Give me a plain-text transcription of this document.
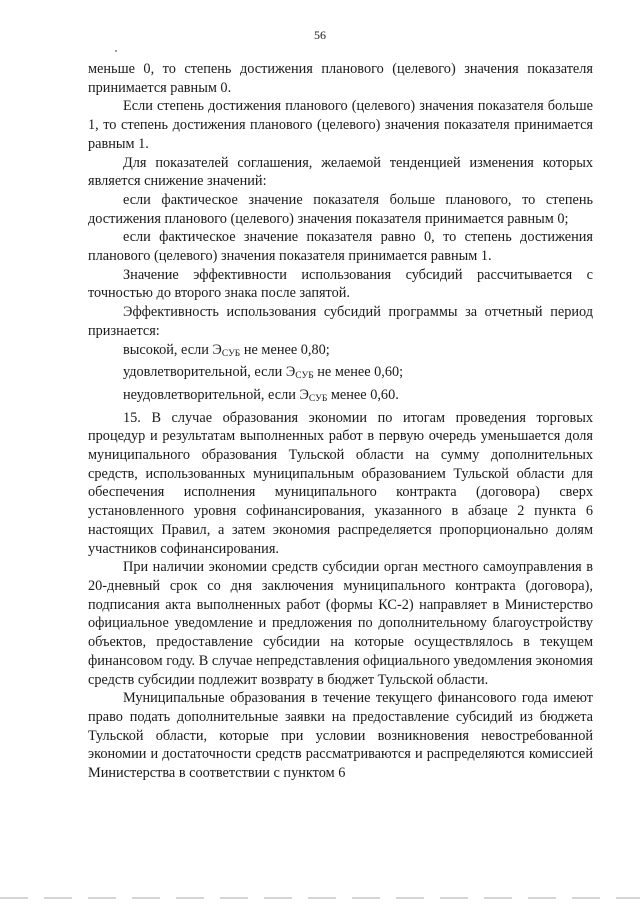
56

меньше 0, то степень достижения планового (целевого) значения показателя принимается равным 0.

Если степень достижения планового (целевого) значения показателя больше 1, то степень достижения планового (целевого) значения показателя принимается равным 1.

Для показателей соглашения, желаемой тенденцией изменения которых является снижение значений:

если фактическое значение показателя больше планового, то степень достижения планового (целевого) значения показателя принимается равным 0;

если фактическое значение показателя равно 0, то степень достижения планового (целевого) значения показателя принимается равным 1.

Значение эффективности использования субсидий рассчитывается с точностью до второго знака после запятой.

Эффективность использования субсидий программы за отчетный период признается:

высокой, если $Э_{СУБ}$ не менее 0,80;

удовлетворительной, если $Э_{СУБ}$ не менее 0,60;

неудовлетворительной, если $Э_{СУБ}$ менее 0,60.

15. В случае образования экономии по итогам проведения торговых процедур и результатам выполненных работ в первую очередь уменьшается доля муниципального образования Тульской области на сумму дополнительных средств, использованных муниципальным образованием Тульской области для обеспечения исполнения муниципального контракта (договора) сверх установленного уровня софинансирования, указанного в абзаце 2 пункта 6 настоящих Правил, а затем экономия распределяется пропорционально долям участников софинансирования.

При наличии экономии средств субсидии орган местного самоуправления в 20-дневный срок со дня заключения муниципального контракта (договора), подписания акта выполненных работ (формы КС-2) направляет в Министерство официальное уведомление и предложения по дополнительному благоустройству объектов, предоставление субсидии на которые осуществлялось в текущем финансовом году. В случае непредставления официального уведомления экономия средств субсидии подлежит возврату в бюджет Тульской области.

Муниципальные образования в течение текущего финансового года имеют право подать дополнительные заявки на предоставление субсидий из бюджета Тульской области, которые при условии возникновения невостребованной экономии и достаточности средств рассматриваются и распределяются комиссией Министерства в соответствии с пунктом 6
